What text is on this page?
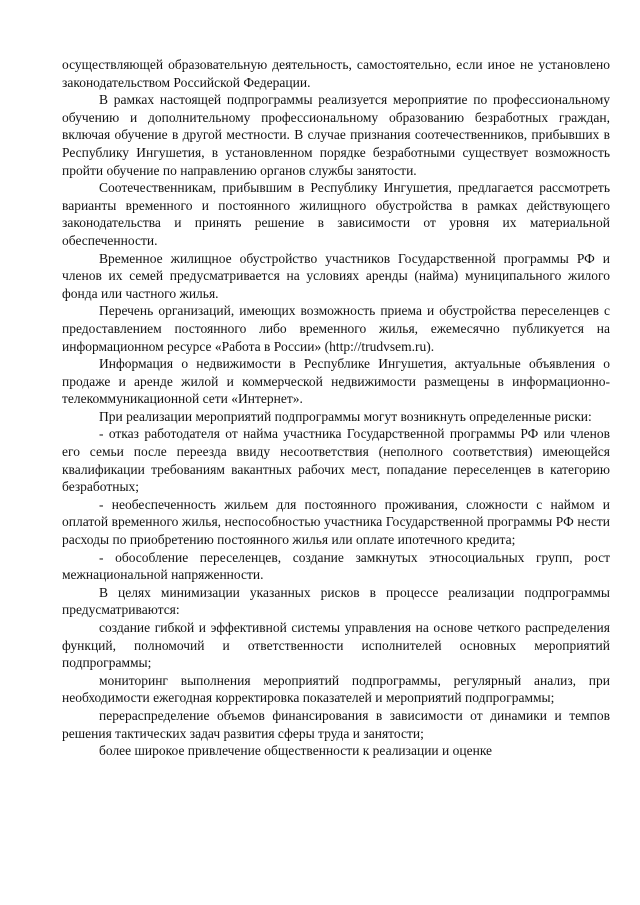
осуществляющей образовательную деятельность, самостоятельно, если иное не установлено законодательством Российской Федерации.

В рамках настоящей подпрограммы реализуется мероприятие по профессиональному обучению и дополнительному профессиональному образованию безработных граждан, включая обучение в другой местности. В случае признания соотечественников, прибывших в Республику Ингушетия, в установленном порядке безработными существует возможность пройти обучение по направлению органов службы занятости.

Соотечественникам, прибывшим в Республику Ингушетия, предлагается рассмотреть варианты временного и постоянного жилищного обустройства в рамках действующего законодательства и принять решение в зависимости от уровня их материальной обеспеченности.

Временное жилищное обустройство участников Государственной программы РФ и членов их семей предусматривается на условиях аренды (найма) муниципального жилого фонда или частного жилья.

Перечень организаций, имеющих возможность приема и обустройства переселенцев с предоставлением постоянного либо временного жилья, ежемесячно публикуется на информационном ресурсе «Работа в России» (http://trudvsem.ru).

Информация о недвижимости в Республике Ингушетия, актуальные объявления о продаже и аренде жилой и коммерческой недвижимости размещены в информационно-телекоммуникационной сети «Интернет».

При реализации мероприятий подпрограммы могут возникнуть определенные риски:

- отказ работодателя от найма участника Государственной программы РФ или членов его семьи после переезда ввиду несоответствия (неполного соответствия) имеющейся квалификации требованиям вакантных рабочих мест, попадание переселенцев в категорию безработных;

- необеспеченность жильем для постоянного проживания, сложности с наймом и оплатой временного жилья, неспособностью участника Государственной программы РФ нести расходы по приобретению постоянного жилья или оплате ипотечного кредита;

- обособление переселенцев, создание замкнутых этносоциальных групп, рост межнациональной напряженности.

В целях минимизации указанных рисков в процессе реализации подпрограммы предусматриваются:

создание гибкой и эффективной системы управления на основе четкого распределения функций, полномочий и ответственности исполнителей основных мероприятий подпрограммы;

мониторинг выполнения мероприятий подпрограммы, регулярный анализ, при необходимости ежегодная корректировка показателей и мероприятий подпрограммы;

перераспределение объемов финансирования в зависимости от динамики и темпов решения тактических задач развития сферы труда и занятости;

более широкое привлечение общественности к реализации и оценке
